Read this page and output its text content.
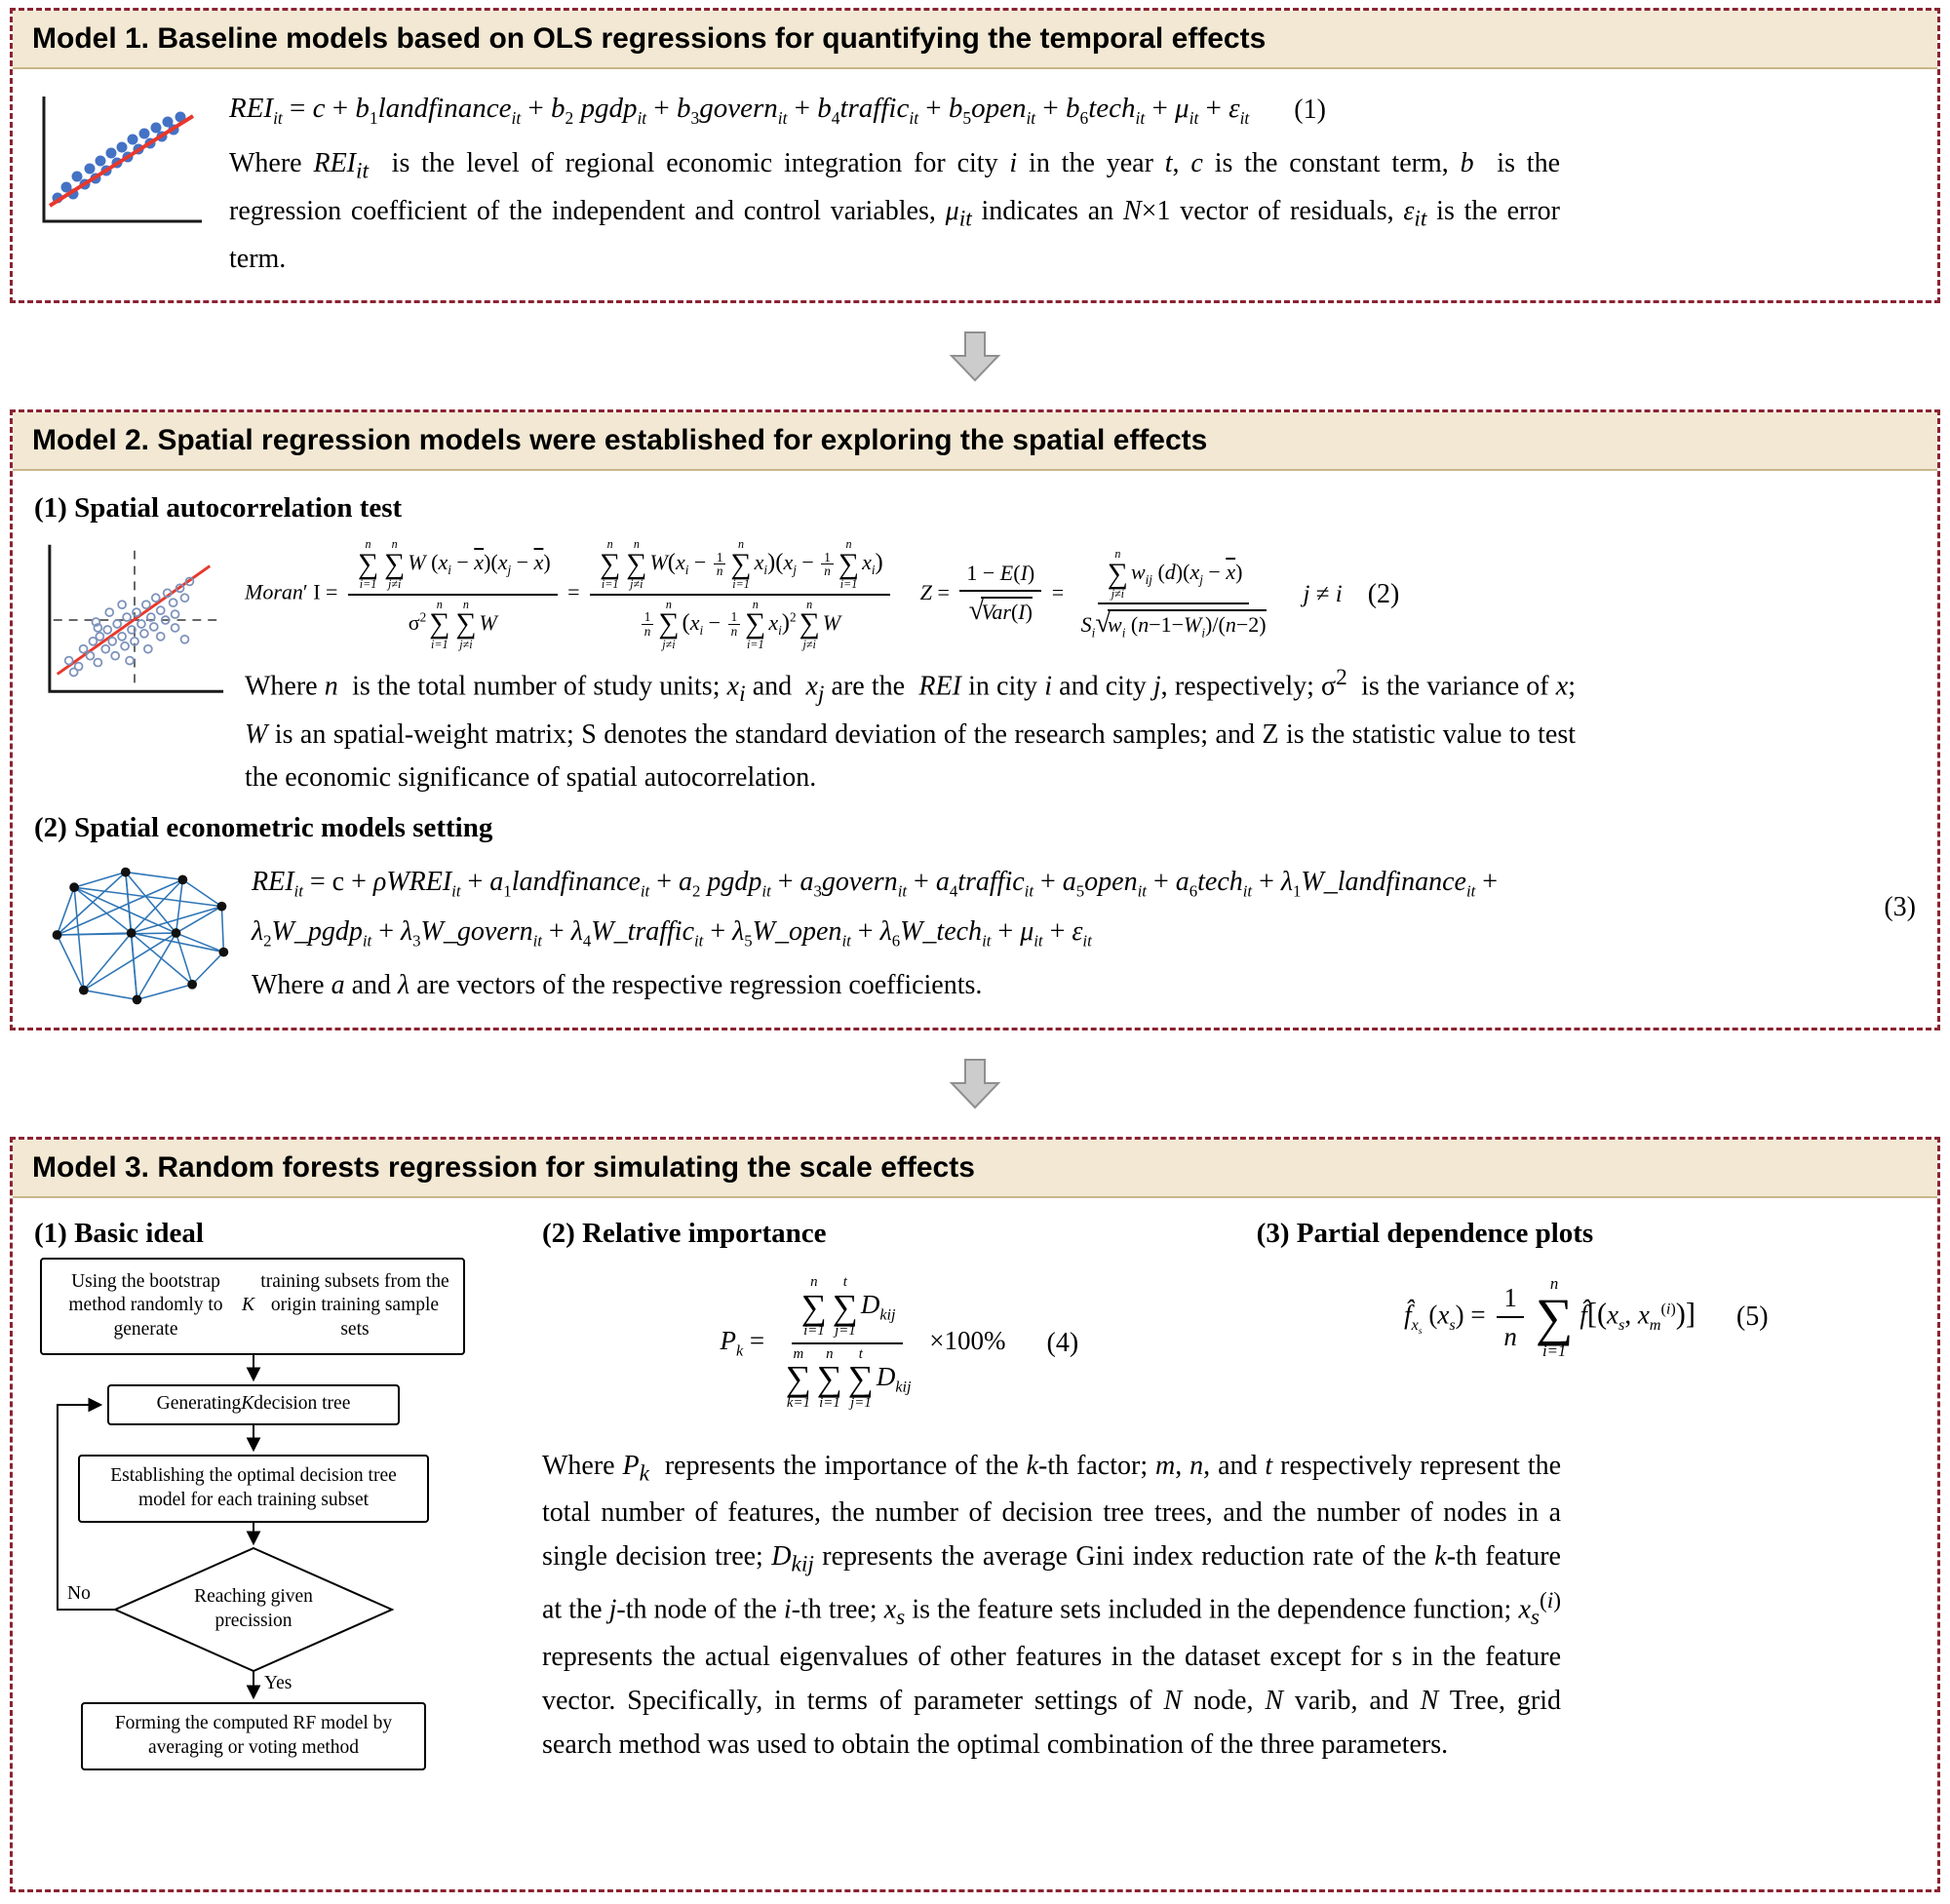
Model 1. Baseline models based on OLS regressions for quantifying the temporal effects
$REI_{it} = c$ + $b_1landfinance_{it} + b_2$ pgdp$_{it}$ + $b_3govern_{it}$ + $b_4traffic_{it}$ + $b_5open_{it}$ + $b_6tech_{it} + \mu_{it} + \varepsilon_{it}$ (1)

Where $REI_{it}$  is the level of regional economic integration for city i in the year t, c is the constant term, b  is the regression coefficient of the independent and control variables, $\mu_{it}$ indicates an N×1 vector of residuals, $\varepsilon_{it}$ is the error term.

Model 2. Spatial regression models were established for exploring the spatial effects
(1) Spatial autocorrelation test
Moran′ I = n
∑
i=1
n
∑
j≠i
W $(x_i - \overline{x})(x_j - \overline{x})$
$\sigma^2$
n
∑
i=1
n
∑
j≠i
W = n
∑
i=1
n
∑
j≠i
$W(x_i - \frac{1}{n}$
n
∑
i=1
$x_i)(x_j - \frac{1}{n}$
n
∑
i=1
$x_i$)
$\frac{1}{n}$
n
∑
j≠i
($x_i - \frac{1}{n}$
n
∑
i=1
$x_i)^2$
n
∑
j≠i
W $Z = \frac{1 - E(I)}{\text{√Var(I)}} = n$
∑
j≠i
$w_{ij}$ $(d)(x_j - \overline{x})$
$S_i√w_i$ $(n-1-W_i)/(n-2) j \ne i$ (2)

Where n  is the total number of study units; $x_i$ and  $x_j$ are the  REI in city i and city j, respectively; $\sigma^2$  is the variance of x; W is an spatial-weight matrix; S denotes the standard deviation of the research samples; and Z is the statistic value to test the economic significance of spatial autocorrelation.

(2) Spatial econometric models setting
$REI_{it} = c$ + ρWREI$_{it}$ + $a_1landfinance_{it} + a_2$ pgdp$_{it}$ + $a_3govern_{it}$ + $a_4traffic_{it}$ + $a_5open_{it}$ + $a_6tech_{it}$ + $\lambda_1W\_landfinance_{it}$ + $\lambda_2W\_pgdp_{it}$ + $\lambda_3W\_govern_{it}$ + $\lambda_4W\_traffic_{it}$ + $\lambda_5W\_open_{it}$ + $\lambda_6W\_tech_{it} + \mu_{it} + \varepsilon_{it}$
(3)

Where a and λ are vectors of the respective regression coefficients.

Model 3. Random forests regression for simulating the scale effects
(1) Basic ideal
Using the bootstrap method randomly to generate
K
training subsets from the origin training sample sets
Generating K decision tree
Establishing the optimal decision tree model for each training subset
Reaching given precission
No
Yes
Forming the computed RF model by averaging or voting method
(2) Relative importance
$P_k = n$
∑
i=1
t
∑
j=1
$D_{kij}$
m
∑
k=1
n
∑
i=1
t
∑
j=1
$D_{kij} \times 100\%$ (4)
(3) Partial dependence plots
$f̂_{x_s}$ $(x_s) = \frac{1}{n}$ n
∑
i=1
$f̂[(x_s$, $x_m^{(i)}$)] (5)

Where $P_k$  represents the importance of the k-th factor; m, n, and t respectively represent the total number of features, the number of decision tree trees, and the number of nodes in a single decision tree; $D_{kij}$ represents the average Gini index reduction rate of the k-th feature at the j-th node of the i-th tree; $x_s$ is the feature sets included in the dependence function; $x_s^{(i)}$ represents the actual eigenvalues of other features in the dataset except for s in the feature vector. Specifically, in terms of parameter settings of N node, N varib, and N Tree, grid search method was used to obtain the optimal combination of the three parameters.
